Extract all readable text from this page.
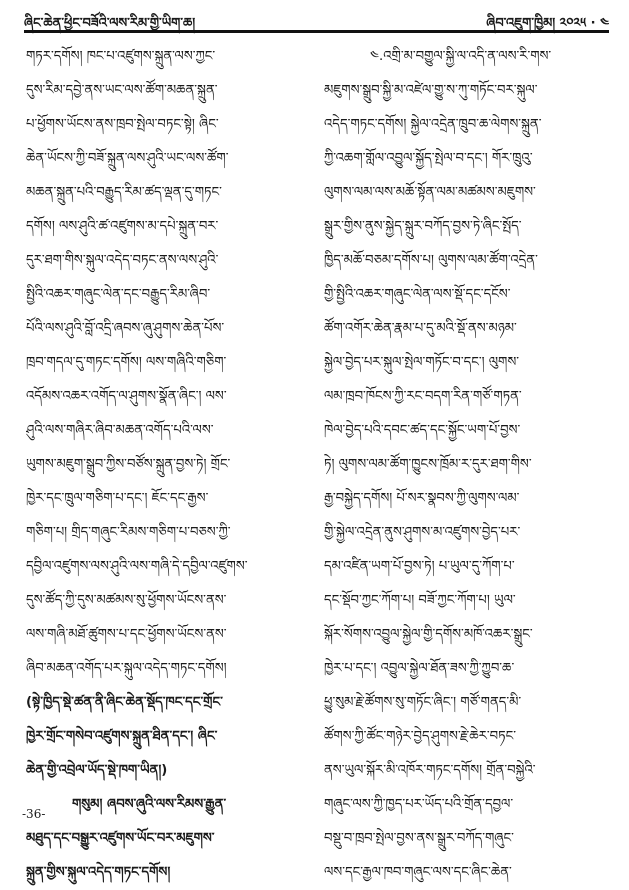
ཞིང་ཆེན་ཕྱིང་བཟོའི་ལས་རིམ་གྱི་ཡིག་ཆ།	ཞིབ་འཇུག་ཁྱིམ། ༢༠༢༥ · ༤
གཏར་དགོས། ཁང་པ་འཛུགས་སྐྲུན་ལས་ཀྱང་
དུས་རིམ་དབྱེ་ནས་ཡང་ལས་ཚོག་མཆན་སྐྲུན་
པ་ཕྱོགས་ཡོངས་ནས་ཁྲབ་སྤེལ་བཏང་སྟེ། ཞིང་
ཆེན་ཡོངས་ཀྱི་བཟོ་སྐྲུན་ལས་ཤུའི་ཡང་ལས་ཚོག་
མཆན་སྐྲུན་པའི་བརྒྱུད་རིམ་ཚད་ལྡན་དུ་གཏང་
དགོས། ལས་ཤུའི་ཚ་འཛུགས་མ་དཔེ་སྐྲུན་བར་
དུར་ཐག་གིས་སྐུལ་འདེད་བཏང་ནས་ལས་ཤུའི་
སྤྱིའི་འཆར་གཞུང་ལེན་དང་བརྒྱུད་རིམ་ཞིབ་
པོའི་ལས་ཤུའི་བློ་འདྲི་ཞབས་ཞུ་ཤུགས་ཆེན་པོས་
ཁྲབ་གདལ་དུ་གཏང་དགོས། ལས་གཞིའི་གཅིག་
འདོམས་འཆར་འགོད་ལ་ཤུགས་སྣོན་ཞིང་། ལས་
ཤུའི་ལས་གཞིར་ཞིབ་མཆན་འགོད་པའི་ལས་
ཡུགས་མཇུག་སྒྲུབ་ཀྱིས་བཙོས་སྐྲུན་བྱས་ཏེ། གྲོང་
ཁྱེར་དང་ཁྲུལ་གཅིག་པ་དང་། ཇོང་དང་རྒྱས་
གཅིག་པ། གྲིད་གཞུང་རིམས་གཅིག་པ་བཅས་ཀྱི་
དབྱིལ་འཛུགས་ལས་ཤུའི་ལས་གཞི་དེ་དབྱིལ་འཛུགས་
དུས་ཚོད་ཀྱི་དུས་མཚམས་སུ་ཕྱོགས་ཡོངས་ནས་
ལས་གཞི་མཐོ་ཚུགས་པ་དང་ཕྱོགས་ཡོངས་ནས་
ཞིབ་མཆན་འགོད་པར་སྐུལ་འདེད་གཏང་དགོས།
(སྟེ་ཁྱིད་སྡེ་ཚན་ནི་ཞིང་ཆེན་སྡོད་ཁང་དང་གྲོང་
ཁྱེར་གྲོང་གསེབ་འཛུགས་སྐྲུན་ཐིན་དང་། ཞིང་
ཆེན་གྱི་འབྲེལ་ཡོད་སྡེ་ཁག་ཡིན།)
གསུམ། ཞབས་ཞུའི་ལས་རིམས་རྒྱུན་
མཐུད་དང་བསྒྱུར་འཛུགས་ཡོང་བར་མཇུགས་
སྐྲུན་གྱིས་སྐུལ་འདེད་གཏང་དགོས།
༤.འགྲི་མ་བགྱུལ་སྐྱི་ལ་འདི་ན་ལས་རི་གས་
མཇུགས་སྒྲུབ་སྐྱི་མ་འཛེལ་གྱུ་ས་ཀུ་གཏོང་བར་སྐུལ་
འདེད་གཏང་དགོས། སྐྱེལ་འདྲེན་ཁྲུབ་ཆ་ལེགས་སྐྲུན་
ཀྱི་འཆག་གློལ་འབྱུལ་སྐྱོད་སྤེལ་བ་དང་། གོར་ཁྲུའུ་
ལུགས་ལམ་ལས་མཆོ་སྟོན་ལམ་མཚམས་མཇུགས་
སྒྲུར་གྱིས་ནུས་སྐྱེད་སྐྲུར་བཀོད་བྱས་ཏེ་ཞིང་སྤོད་
ཁྱིད་མཆོ་བཅམ་དགོས་པ། ལུགས་ལམ་ཚོག་འདྲེན་
གྱི་སྤྱིའི་འཆར་གཞུང་ལེན་ལས་སྡོ་དང་དངོས་
ཚོག་འགོར་ཆེན་རྣམ་པ་དུ་མའི་སྡོ་ནས་མཉམ་
སྐྱེལ་བྱེད་པར་སྐུལ་སྤེལ་གཏོང་བ་དང་། ལུགས་
ལམ་ཁྲབ་ཁོངས་ཀྱི་རང་བདག་རིན་གཙོ་གཏན་
ཁེལ་བྱེད་པའི་དབང་ཚད་དང་སྐྱོང་ཡག་པོ་བྱས་
ཏེ། ལུགས་ལམ་ཚོག་ཁྱུངས་ཁྲོམ་ར་དུར་ཐག་གིས་
རྒྱ་བསྐྱེད་དགོས། པོ་སར་སྣབས་ཀྱི་ལུགས་ལམ་
གྱི་སྐྱེལ་འདྲེན་ནུས་ཤུགས་མ་འཛུགས་བྱེད་པར་
དམ་འཛིན་ཡག་པོ་བྱས་ཏེ། པ་ཡུལ་དུ་ཀོག་པ་
དང་སྡོབ་ཀྱང་ཀོག་པ། བཟོ་ཀྱང་ཀོག་པ། ཡུལ་
སྐོར་སོགས་འབྱུལ་སྐྱེལ་གྱི་དགོས་མཁོ་འཆར་སྒྲུང་
ཁྱེར་པ་དང་། འབྱུལ་སྐྱེལ་ཐོན་ཟས་ཀྱི་ཀྱུབ་ཆ་
ཕྱུ་སུམ་རྗེ་ཚོགས་སུ་གཏོང་ཞིང་། གཙོ་གནད་མི་
ཚོགས་ཀྱི་ཚོང་གཉེར་བྱེད་ཤུགས་རྗེ་ཆེར་བཏང་
ནས་ཡུལ་སྐོར་མི་འཁོར་གཏང་དགོས། གྲོན་བསྐྱེའི་
གཞུང་ལས་ཀྱི་ཁྱད་པར་ཡོད་པའི་གྲོན་དབྱལ་
བསྡུ་བ་ཁྲབ་སྤེལ་བྱས་ནས་སྒྲུར་བཀོད་གཞུང་
ལས་དང་རྒྱལ་ཁབ་གཞུང་ལས་དང་ཞིང་ཆེན་
-36-
